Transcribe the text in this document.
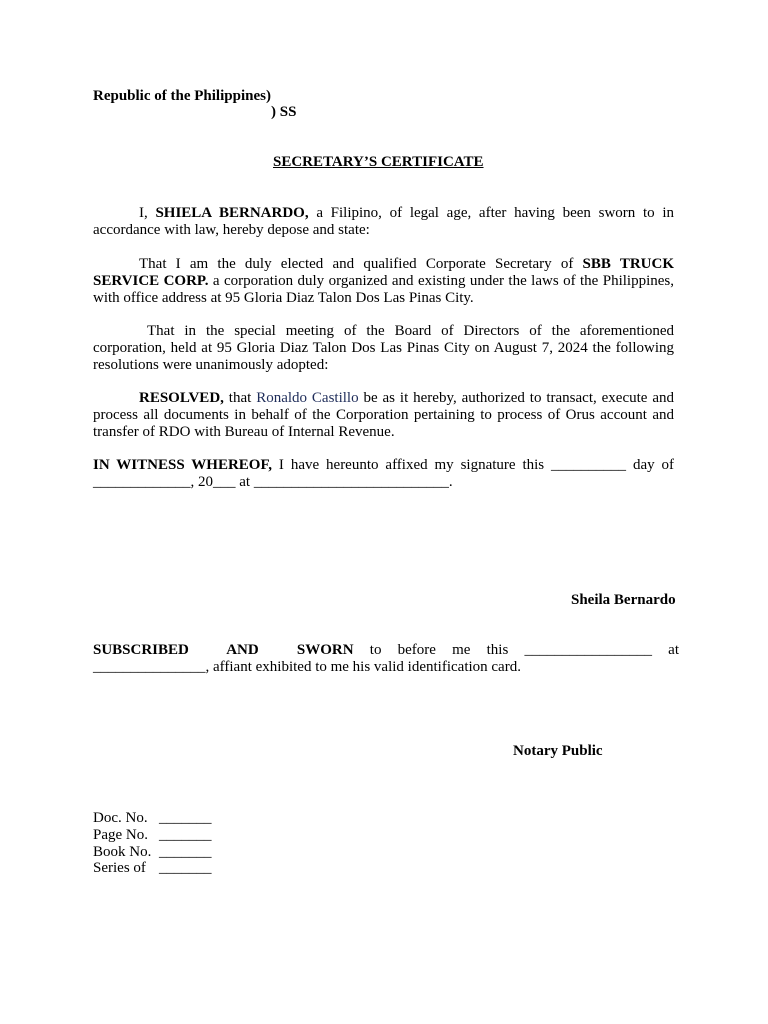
Republic of the Philippines)
) SS
SECRETARY’S CERTIFICATE
I, SHIELA BERNARDO, a Filipino, of legal age, after having been sworn to in accordance with law, hereby depose and state:
That I am the duly elected and qualified Corporate Secretary of SBB TRUCK SERVICE CORP. a corporation duly organized and existing under the laws of the Philippines, with office address at 95 Gloria Diaz Talon Dos Las Pinas City.
That in the special meeting of the Board of Directors of the aforementioned corporation, held at 95 Gloria Diaz Talon Dos Las Pinas City on August 7, 2024 the following resolutions were unanimously adopted:
RESOLVED, that Ronaldo Castillo be as it hereby, authorized to transact, execute and process all documents in behalf of the Corporation pertaining to process of Orus account and transfer of RDO with Bureau of Internal Revenue.
IN WITNESS WHEREOF, I have hereunto affixed my signature this __________ day of _____________, 20___ at __________________________.
Sheila Bernardo
SUBSCRIBED AND SWORN to before me this _________________ at _______________, affiant exhibited to me his valid identification card.
Notary Public
Doc. No. _______
Page No. _______
Book No. _______
Series of _______
